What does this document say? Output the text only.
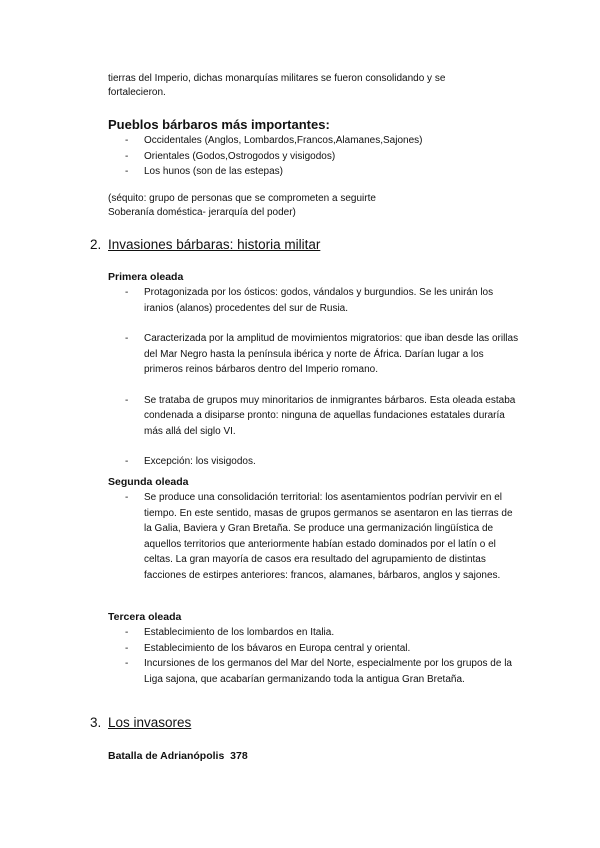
tierras del Imperio, dichas monarquías militares se fueron consolidando y se
fortalecieron.

Pueblos bárbaros más importantes:

- Occidentales (Anglos, Lombardos,Francos,Alamanes,Sajones)
- Orientales (Godos,Ostrogodos y visigodos)
- Los hunos (son de las estepas)

(séquito: grupo de personas que se comprometen a seguirte
Soberanía doméstica- jerarquía del poder)

2. Invasiones bárbaras: historia militar

Primera oleada

- Protagonizada por los ósticos: godos, vándalos y burgundios. Se les unirán los iranios (alanos) procedentes del sur de Rusia.
- Caracterizada por la amplitud de movimientos migratorios: que iban desde las orillas del Mar Negro hasta la península ibérica y norte de África. Darían lugar a los primeros reinos bárbaros dentro del Imperio romano.
- Se trataba de grupos muy minoritarios de inmigrantes bárbaros. Esta oleada estaba condenada a disiparse pronto: ninguna de aquellas fundaciones estatales duraría más allá del siglo VI.
- Excepción: los visigodos.

Segunda oleada

- Se produce una consolidación territorial: los asentamientos podrían pervivir en el tiempo. En este sentido, masas de grupos germanos se asentaron en las tierras de la Galia, Baviera y Gran Bretaña. Se produce una germanización lingüística de aquellos territorios que anteriormente habían estado dominados por el latín o el celtas. La gran mayoría de casos era resultado del agrupamiento de distintas facciones de estirpes anteriores: francos, alamanes, bárbaros, anglos y sajones.

Tercera oleada

- Establecimiento de los lombardos en Italia.
- Establecimiento de los bávaros en Europa central y oriental.
- Incursiones de los germanos del Mar del Norte, especialmente por los grupos de la Liga sajona, que acabarían germanizando toda la antigua Gran Bretaña.

3. Los invasores

Batalla de Adrianópolis  378
